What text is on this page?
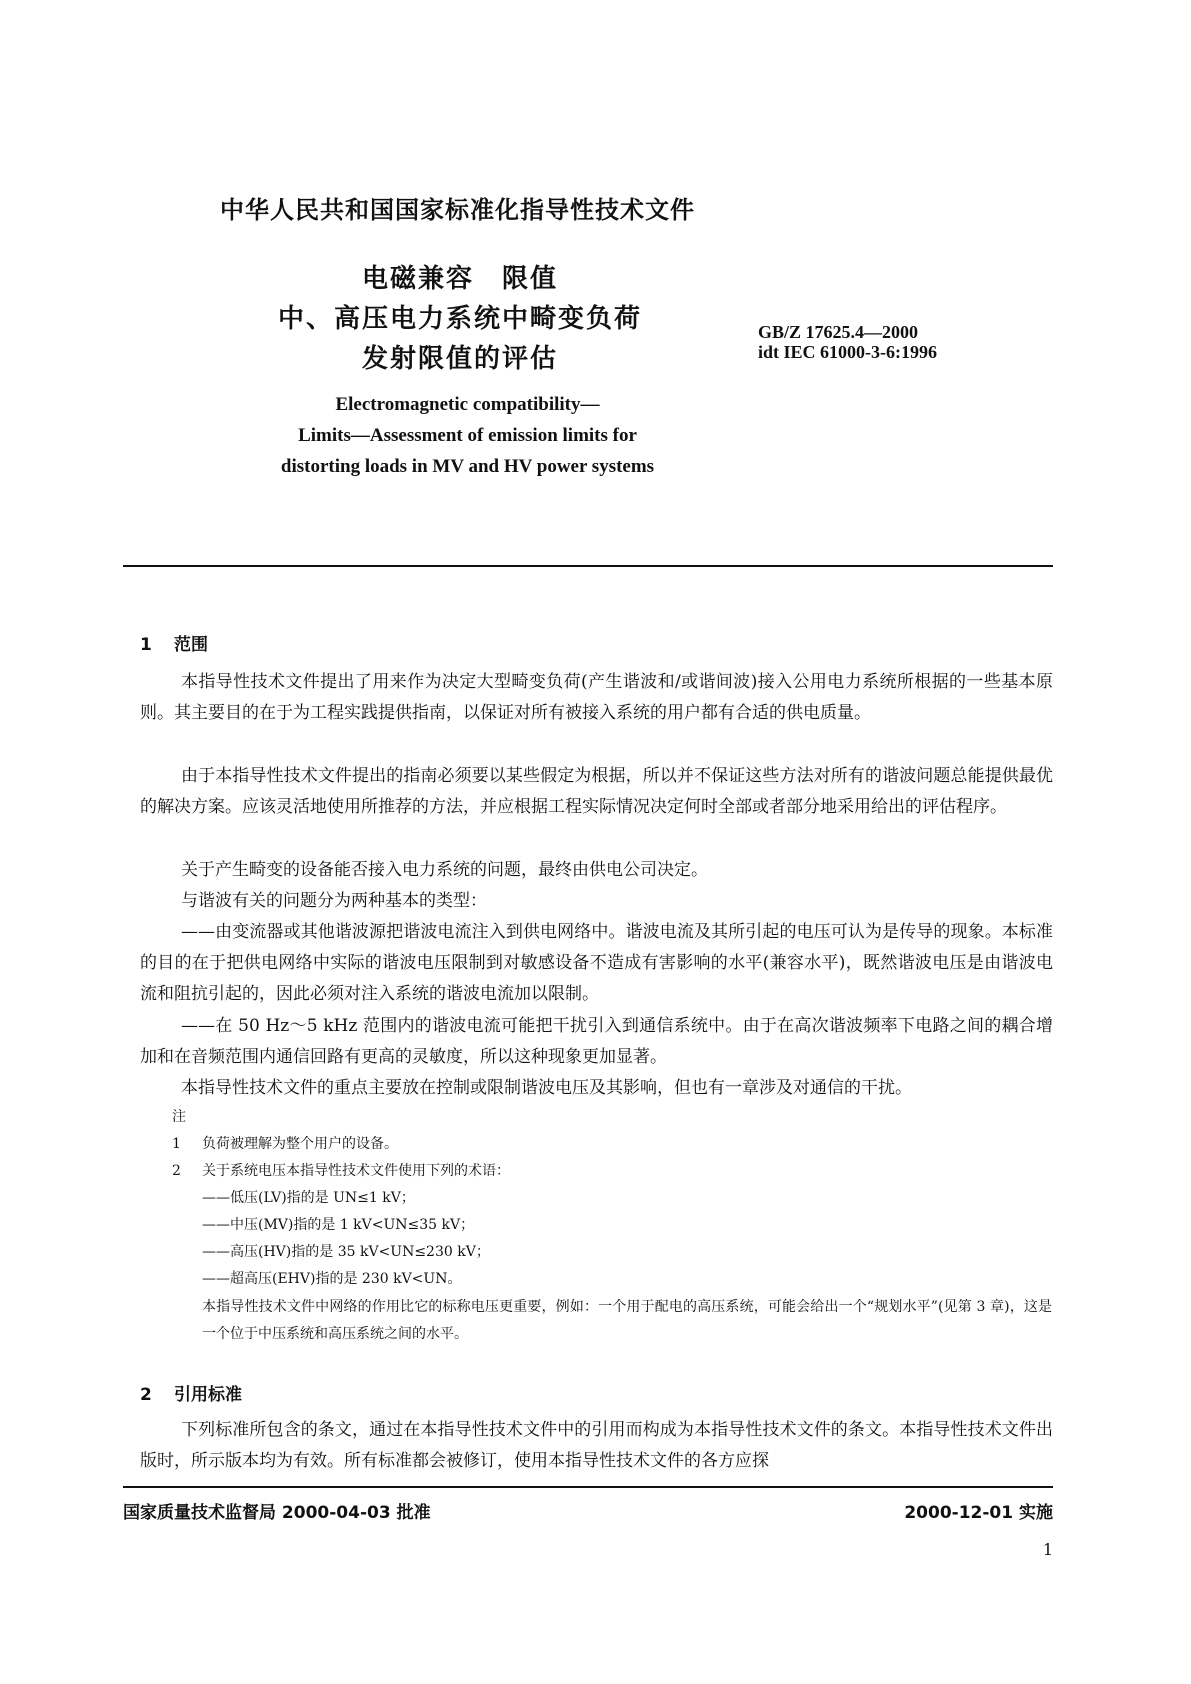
中华人民共和国国家标准化指导性技术文件
电磁兼容　限值
中、高压电力系统中畸变负荷
发射限值的评估
GB/Z 17625.4—2000
idt IEC 61000-3-6:1996
Electromagnetic compatibility—
Limits—Assessment of emission limits for
distorting loads in MV and HV power systems
1 范围
本指导性技术文件提出了用来作为决定大型畸变负荷(产生谐波和/或谐间波)接入公用电力系统所根据的一些基本原则。其主要目的在于为工程实践提供指南，以保证对所有被接入系统的用户都有合适的供电质量。
由于本指导性技术文件提出的指南必须要以某些假定为根据，所以并不保证这些方法对所有的谐波问题总能提供最优的解决方案。应该灵活地使用所推荐的方法，并应根据工程实际情况决定何时全部或者部分地采用给出的评估程序。
关于产生畸变的设备能否接入电力系统的问题，最终由供电公司决定。
与谐波有关的问题分为两种基本的类型：
——由变流器或其他谐波源把谐波电流注入到供电网络中。谐波电流及其所引起的电压可认为是传导的现象。本标准的目的在于把供电网络中实际的谐波电压限制到对敏感设备不造成有害影响的水平(兼容水平)，既然谐波电压是由谐波电流和阻抗引起的，因此必须对注入系统的谐波电流加以限制。
——在 50 Hz～5 kHz 范围内的谐波电流可能把干扰引入到通信系统中。由于在高次谐波频率下电路之间的耦合增加和在音频范围内通信回路有更高的灵敏度，所以这种现象更加显著。
本指导性技术文件的重点主要放在控制或限制谐波电压及其影响，但也有一章涉及对通信的干扰。
注
1 负荷被理解为整个用户的设备。
2 关于系统电压本指导性技术文件使用下列的术语：
——低压(LV)指的是 UN≤1 kV；
——中压(MV)指的是 1 kV<UN≤35 kV；
——高压(HV)指的是 35 kV<UN≤230 kV；
——超高压(EHV)指的是 230 kV<UN。
本指导性技术文件中网络的作用比它的标称电压更重要，例如：一个用于配电的高压系统，可能会给出一个“规划水平”(见第 3 章)，这是一个位于中压系统和高压系统之间的水平。
2 引用标准
下列标准所包含的条文，通过在本指导性技术文件中的引用而构成为本指导性技术文件的条文。本指导性技术文件出版时，所示版本均为有效。所有标准都会被修订，使用本指导性技术文件的各方应探
国家质量技术监督局 2000-04-03 批准	2000-12-01 实施
1
